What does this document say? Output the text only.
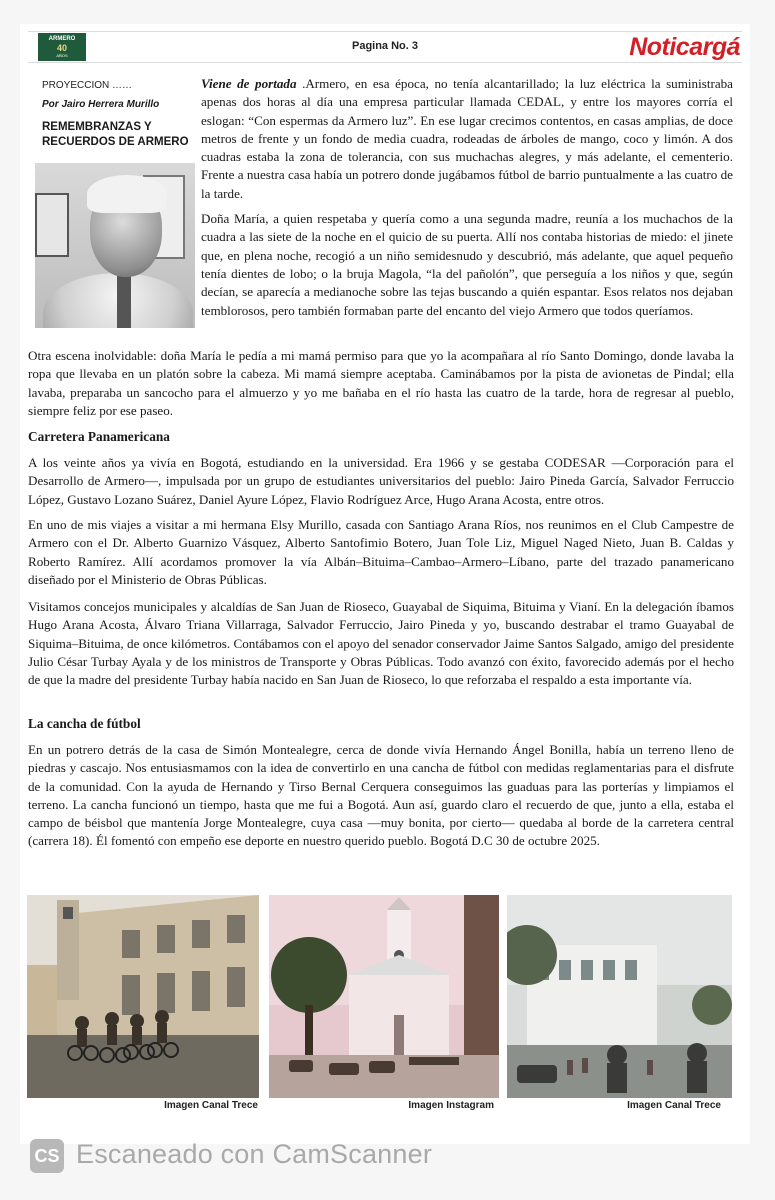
ARMERO
40
AÑOS
Pagina No. 3	Noticargá
PROYECCION ……
Por Jairo Herrera Murillo
REMEMBRANZAS Y RECUERDOS DE ARMERO

Viene de portada .Armero, en esa época, no tenía alcantarillado; la luz eléctrica la suministraba apenas dos horas al día una empresa particular llamada CEDAL, y entre los mayores corría el eslogan: “Con espermas da Armero luz”. En ese lugar crecimos contentos, en casas amplias, de doce metros de frente y un fondo de media cuadra, rodeadas de árboles de mango, coco y limón. A dos cuadras estaba la zona de tolerancia, con sus muchachas alegres, y más adelante, el cementerio. Frente a nuestra casa había un potrero donde jugábamos fútbol de barrio puntualmente a las cuatro de la tarde.

Doña María, a quien respetaba y quería como a una segunda madre, reunía a los muchachos de la cuadra a las siete de la noche en el quicio de su puerta. Allí nos contaba historias de miedo: el jinete que, en plena noche, recogió a un niño semidesnudo y descubrió, más adelante, que aquel pequeño tenía dientes de lobo; o la bruja Magola, “la del pañolón”, que perseguía a los niños y que, según decían, se aparecía a medianoche sobre las tejas buscando a quién espantar. Esos relatos nos dejaban temblorosos, pero también formaban parte del encanto del viejo Armero que todos queríamos.

Otra escena inolvidable: doña María le pedía a mi mamá permiso para que yo la acompañara al río Santo Domingo, donde lavaba la ropa que llevaba en un platón sobre la cabeza. Mi mamá siempre aceptaba. Caminábamos por la pista de avionetas de Pindal; ella lavaba, preparaba un sancocho para el almuerzo y yo me bañaba en el río hasta las cuatro de la tarde, hora de regresar al pueblo, siempre feliz por ese paseo.

Carretera Panamericana

A los veinte años ya vivía en Bogotá, estudiando en la universidad. Era 1966 y se gestaba CODESAR —Corporación para el Desarrollo de Armero—, impulsada por un grupo de estudiantes universitarios del pueblo: Jairo Pineda García, Salvador Ferruccio López, Gustavo Lozano Suárez, Daniel Ayure López, Flavio Rodríguez Arce, Hugo Arana Acosta, entre otros.

En uno de mis viajes a visitar a mi hermana Elsy Murillo, casada con Santiago Arana Ríos, nos reunimos en el Club Campestre de Armero con el Dr. Alberto Guarnizo Vásquez, Alberto Santofimio Botero, Juan Tole Liz, Miguel Naged Nieto, Juan B. Caldas y Roberto Ramírez. Allí acordamos promover la vía Albán–Bituima–Cambao–Armero–Líbano, parte del trazado panamericano diseñado por el Ministerio de Obras Públicas.

Visitamos concejos municipales y alcaldías de San Juan de Rioseco, Guayabal de Siquima, Bituima y Vianí. En la delegación íbamos Hugo Arana Acosta, Álvaro Triana Villarraga, Salvador Ferruccio, Jairo Pineda y yo, buscando destrabar el tramo Guayabal de Siquima–Bituima, de once kilómetros. Contábamos con el apoyo del senador conservador Jaime Santos Salgado, amigo del presidente Julio César Turbay Ayala y de los ministros de Transporte y Obras Públicas. Todo avanzó con éxito, favorecido además por el hecho de que la madre del presidente Turbay había nacido en San Juan de Rioseco, lo que reforzaba el respaldo a esta importante vía.

La cancha de fútbol

En un potrero detrás de la casa de Simón Montealegre, cerca de donde vivía Hernando Ángel Bonilla, había un terreno lleno de piedras y cascajo. Nos entusiasmamos con la idea de convertirlo en una cancha de fútbol con medidas reglamentarias para el disfrute de la comunidad. Con la ayuda de Hernando y Tirso Bernal Cerquera conseguimos las guaduas para las porterías y limpiamos el terreno. La cancha funcionó un tiempo, hasta que me fui a Bogotá. Aun así, guardo claro el recuerdo de que, junto a ella, estaba el campo de béisbol que mantenía Jorge Montealegre, cuya casa —muy bonita, por cierto— quedaba al borde de la carretera central (carrera 18). Él fomentó con empeño ese deporte en nuestro querido pueblo. Bogotá D.C 30 de octubre 2025.

Imagen Canal Trece	Imagen Instagram	Imagen Canal Trece
CS Escaneado con CamScanner
